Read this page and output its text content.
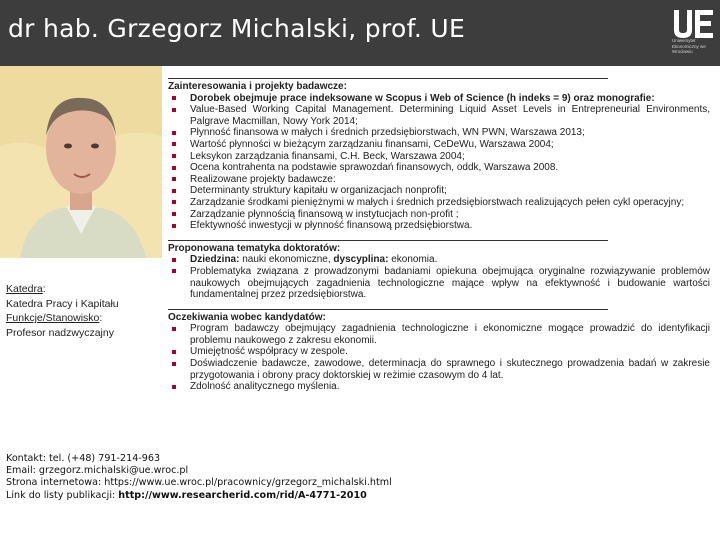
dr hab. Grzegorz Michalski, prof. UE	Uniwersytet Ekonomiczny we Wrocławiu
Katedra:
Katedra Pracy i Kapitału
Funkcje/Stanowisko:
Profesor nadzwyczajny
Zainteresowania i projekty badawcze:
Dorobek obejmuje prace indeksowane w Scopus i Web of Science (h indeks = 9) oraz monografie:
Value-Based Working Capital Management. Determining Liquid Asset Levels in Entrepreneurial Environments, Palgrave Macmillan, Nowy York 2014;
Płynność finansowa w małych i średnich przedsiębiorstwach, WN PWN, Warszawa 2013;
Wartość płynności w bieżącym zarządzaniu finansami, CeDeWu, Warszawa 2004;
Leksykon zarządzania finansami, C.H. Beck, Warszawa 2004;
Ocena kontrahenta na podstawie sprawozdań finansowych, oddk, Warszawa 2008.
Realizowane projekty badawcze:
Determinanty struktury kapitału w organizacjach nonprofit;
Zarządzanie środkami pieniężnymi w małych i średnich przedsiębiorstwach realizujących pełen cykl operacyjny;
Zarządzanie płynnością finansową w instytucjach non-profit ;
Efektywność inwestycji w płynność finansową przedsiębiorstwa.
Proponowana tematyka doktoratów:
Dziedzina: nauki ekonomiczne, dyscyplina: ekonomia.
Problematyka związana z prowadzonymi badaniami opiekuna obejmująca oryginalne rozwiązywanie problemów naukowych obejmujących zagadnienia technologiczne mające wpływ na efektywność i budowanie wartości fundamentalnej przez przedsiębiorstwa.
Oczekiwania wobec kandydatów:
Program badawczy obejmujący zagadnienia technologiczne i ekonomiczne mogące prowadzić do identyfikacji problemu naukowego z zakresu ekonomii.
Umiejętność współpracy w zespole.
Doświadczenie badawcze, zawodowe, determinacja do sprawnego i skutecznego prowadzenia badań w zakresie przygotowania i obrony pracy doktorskiej w reżimie czasowym do 4 lat.
Zdolność analitycznego myślenia.
Kontakt: tel. (+48) 791-214-963
Email: grzegorz.michalski@ue.wroc.pl
Strona internetowa: https://www.ue.wroc.pl/pracownicy/grzegorz_michalski.html
Link do listy publikacji: http://www.researcherid.com/rid/A-4771-2010
